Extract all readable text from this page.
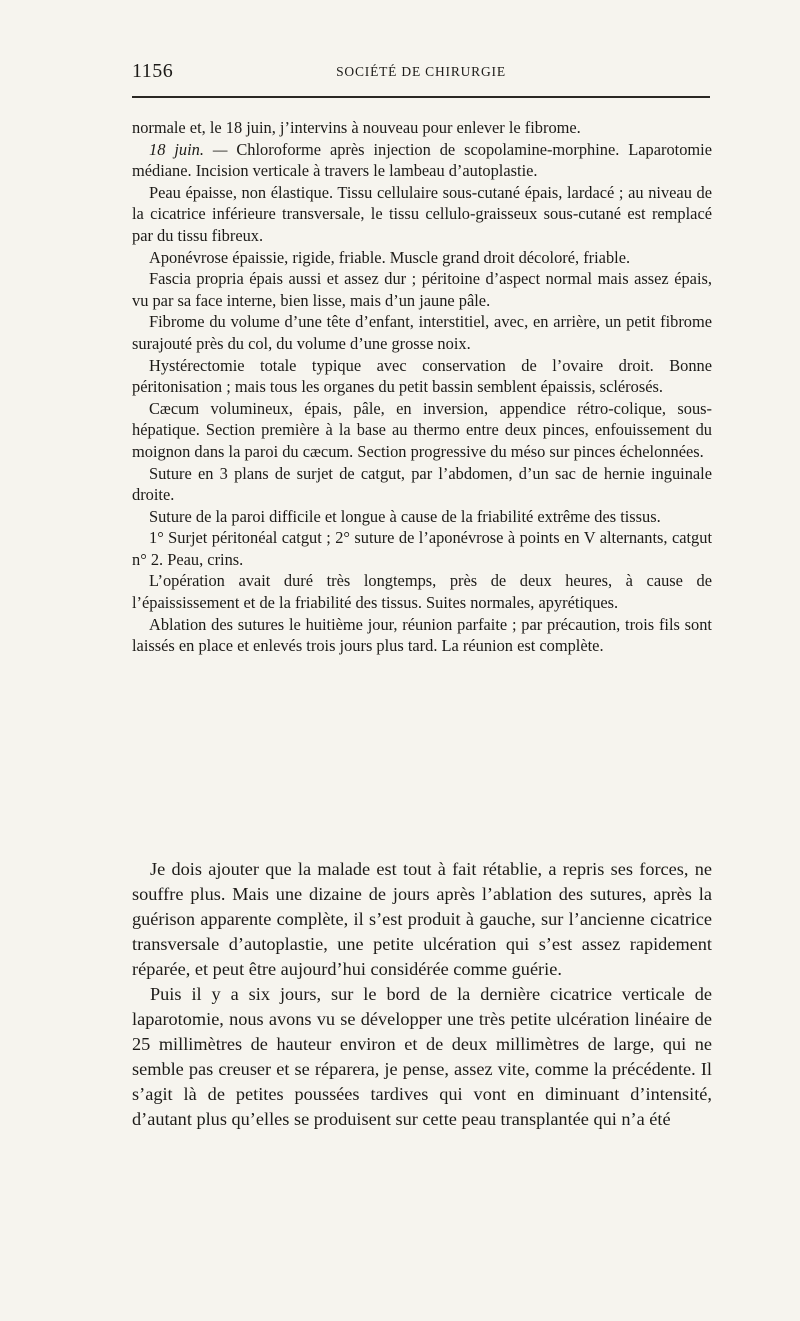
1156	SOCIÉTÉ DE CHIRURGIE

normale et, le 18 juin, j’intervins à nouveau pour enlever le fibrome.

18 juin. — Chloroforme après injection de scopolamine-morphine. Laparotomie médiane. Incision verticale à travers le lambeau d’autoplastie.

Peau épaisse, non élastique. Tissu cellulaire sous-cutané épais, lardacé ; au niveau de la cicatrice inférieure transversale, le tissu cellulo-graisseux sous-cutané est remplacé par du tissu fibreux.

Aponévrose épaissie, rigide, friable. Muscle grand droit décoloré, friable.

Fascia propria épais aussi et assez dur ; péritoine d’aspect normal mais assez épais, vu par sa face interne, bien lisse, mais d’un jaune pâle.

Fibrome du volume d’une tête d’enfant, interstitiel, avec, en arrière, un petit fibrome surajouté près du col, du volume d’une grosse noix.

Hystérectomie totale typique avec conservation de l’ovaire droit. Bonne péritonisation ; mais tous les organes du petit bassin semblent épaissis, sclérosés.

Cæcum volumineux, épais, pâle, en inversion, appendice rétro-colique, sous-hépatique. Section première à la base au thermo entre deux pinces, enfouissement du moignon dans la paroi du cæcum. Section progressive du méso sur pinces échelonnées.

Suture en 3 plans de surjet de catgut, par l’abdomen, d’un sac de hernie inguinale droite.

Suture de la paroi difficile et longue à cause de la friabilité extrême des tissus.

1° Surjet péritonéal catgut ; 2° suture de l’aponévrose à points en V alternants, catgut n° 2. Peau, crins.

L’opération avait duré très longtemps, près de deux heures, à cause de l’épaississement et de la friabilité des tissus. Suites normales, apyrétiques.

Ablation des sutures le huitième jour, réunion parfaite ; par précaution, trois fils sont laissés en place et enlevés trois jours plus tard. La réunion est complète.

Je dois ajouter que la malade est tout à fait rétablie, a repris ses forces, ne souffre plus. Mais une dizaine de jours après l’ablation des sutures, après la guérison apparente complète, il s’est produit à gauche, sur l’ancienne cicatrice transversale d’autoplastie, une petite ulcération qui s’est assez rapidement réparée, et peut être aujourd’hui considérée comme guérie.

Puis il y a six jours, sur le bord de la dernière cicatrice verticale de laparotomie, nous avons vu se développer une très petite ulcération linéaire de 25 millimètres de hauteur environ et de deux millimètres de large, qui ne semble pas creuser et se réparera, je pense, assez vite, comme la précédente. Il s’agit là de petites poussées tardives qui vont en diminuant d’intensité, d’autant plus qu’elles se produisent sur cette peau transplantée qui n’a été
